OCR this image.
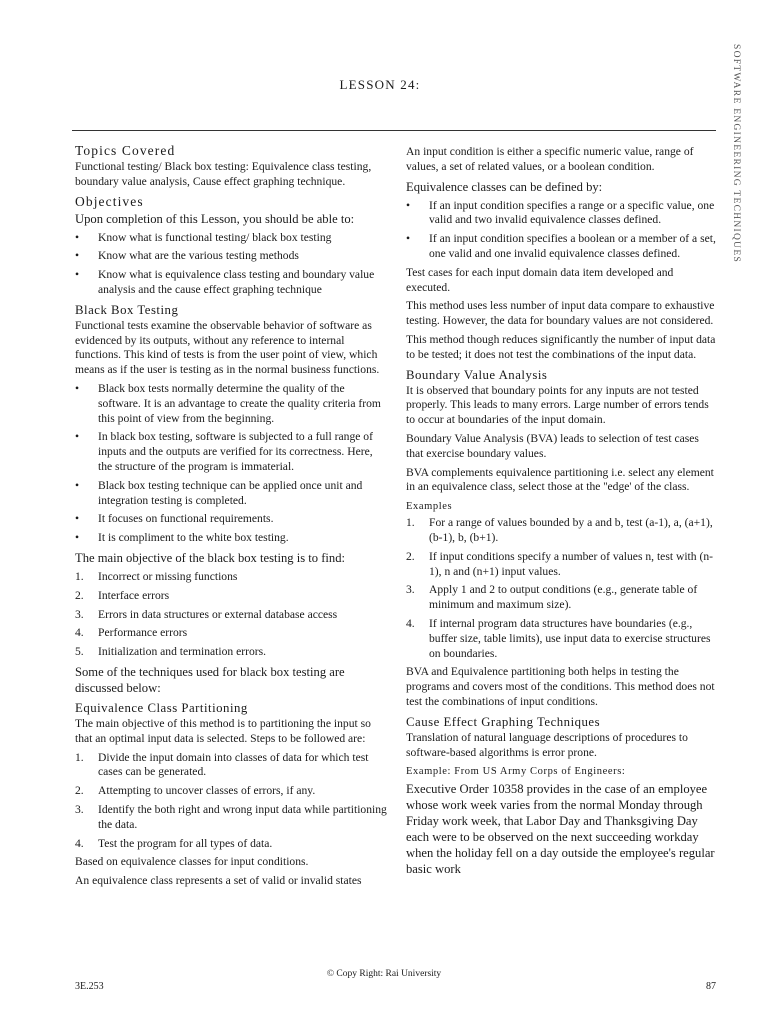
LESSON 24:	SOFTWARE ENGINEERING TECHNIQUES
Topics Covered

Functional testing/ Black box testing: Equivalence class testing, boundary value analysis, Cause effect graphing technique.

Objectives

Upon completion of this Lesson, you should be able to:

• Know what is functional testing/ black box testing
• Know what are the various testing methods
• Know what is equivalence class testing and boundary value analysis and the cause effect graphing technique
Black Box Testing

Functional tests examine the observable behavior of software as evidenced by its outputs, without any reference to internal functions. This kind of tests is from the user point of view, which means as if the user is testing as in the normal business functions.

• Black box tests normally determine the quality of the software. It is an advantage to create the quality criteria from this point of view from the beginning.
• In black box testing, software is subjected to a full range of inputs and the outputs are verified for its correctness. Here, the structure of the program is immaterial.
• Black box testing technique can be applied once unit and integration testing is completed.
• It focuses on functional requirements.
• It is compliment to the white box testing.

The main objective of the black box testing is to find:

1. Incorrect or missing functions
2. Interface errors
3. Errors in data structures or external database access
4. Performance errors
5. Initialization and termination errors.

Some of the techniques used for black box testing are discussed below:

Equivalence Class Partitioning

The main objective of this method is to partitioning the input so that an optimal input data is selected. Steps to be followed are:

1. Divide the input domain into classes of data for which test cases can be generated.
2. Attempting to uncover classes of errors, if any.
3. Identify the both right and wrong input data while partitioning the data.
4. Test the program for all types of data.

Based on equivalence classes for input conditions.

An equivalence class represents a set of valid or invalid states

An input condition is either a specific numeric value, range of values, a set of related values, or a boolean condition.

Equivalence classes can be defined by:

• If an input condition specifies a range or a specific value, one valid and two invalid equivalence classes defined.
• If an input condition specifies a boolean or a member of a set, one valid and one invalid equivalence classes defined.

Test cases for each input domain data item developed and executed.

This method uses less number of input data compare to exhaustive testing. However, the data for boundary values are not considered.

This method though reduces significantly the number of input data to be tested; it does not test the combinations of the input data.

Boundary Value Analysis

It is observed that boundary points for any inputs are not tested properly. This leads to many errors. Large number of errors tends to occur at boundaries of the input domain.

Boundary Value Analysis (BVA) leads to selection of test cases that exercise boundary values.

BVA complements equivalence partitioning i.e. select any element in an equivalence class, select those at the ''edge' of the class.

Examples
1. For a range of values bounded by a and b, test (a-1), a, (a+1), (b-1), b, (b+1).
2. If input conditions specify a number of values n, test with (n-1), n and (n+1) input values.
3. Apply 1 and 2 to output conditions (e.g., generate table of minimum and maximum size).
4. If internal program data structures have boundaries (e.g., buffer size, table limits), use input data to exercise structures on boundaries.

BVA and Equivalence partitioning both helps in testing the programs and covers most of the conditions. This method does not test the combinations of input conditions.

Cause Effect Graphing Techniques

Translation of natural language descriptions of procedures to software-based algorithms is error prone.

Example: From US Army Corps of Engineers:

Executive Order 10358 provides in the case of an employee whose work week varies from the normal Monday through Friday work week, that Labor Day and Thanksgiving Day each were to be observed on the next succeeding workday when the holiday fell on a day outside the employee's regular basic work

© Copy Right: Rai University
3E.253	87
